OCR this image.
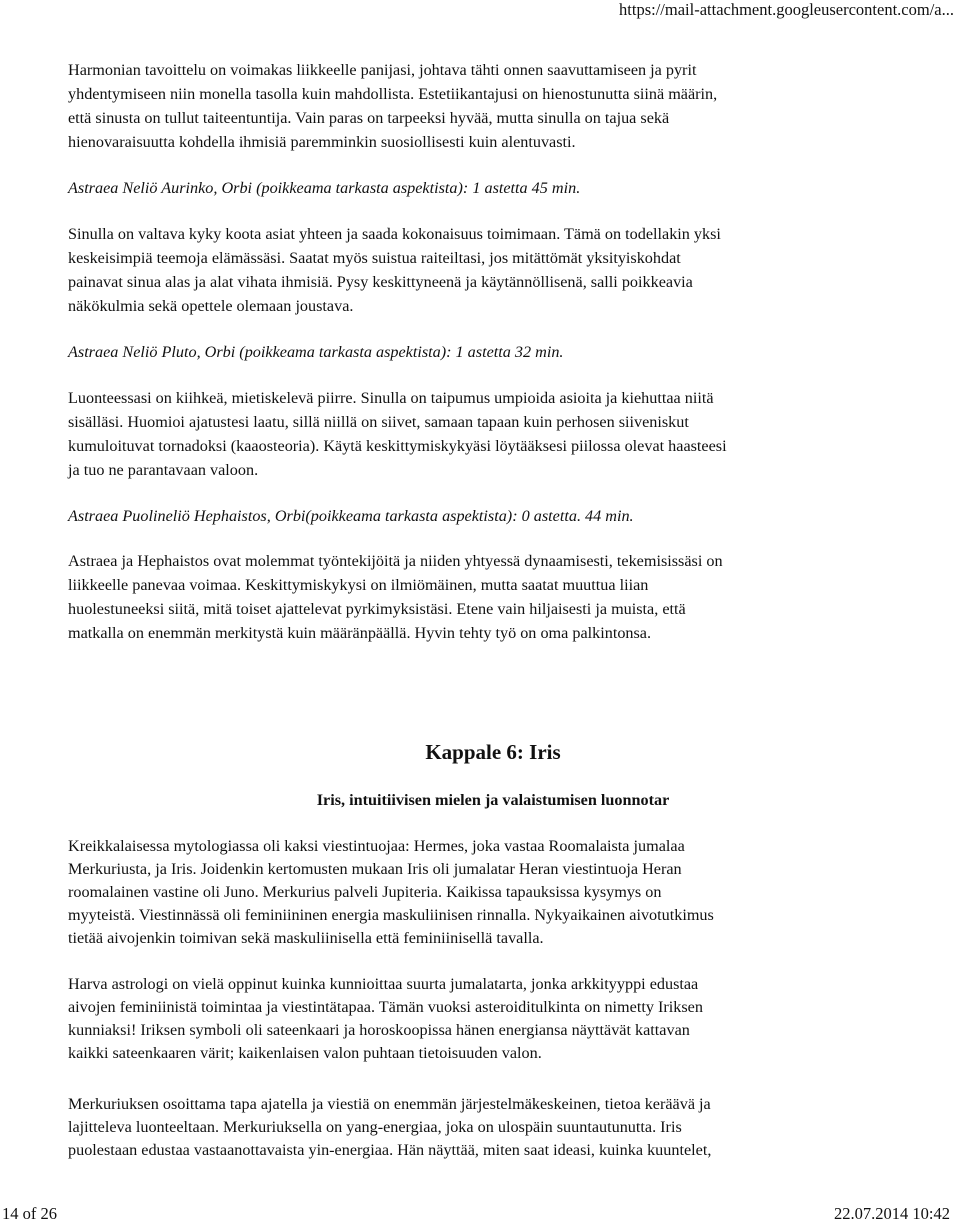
https://mail-attachment.googleusercontent.com/a...

Harmonian tavoittelu on voimakas liikkeelle panijasi, johtava tähti onnen saavuttamiseen ja pyrit
yhdentymiseen niin monella tasolla kuin mahdollista. Estetiikantajusi on hienostunutta siinä määrin,
että sinusta on tullut taiteentuntija. Vain paras on tarpeeksi hyvää, mutta sinulla on tajua sekä
hienovaraisuutta kohdella ihmisiä paremminkin suosiollisesti kuin alentuvasti.

Astraea Neliö Aurinko, Orbi (poikkeama tarkasta aspektista): 1 astetta 45 min.

Sinulla on valtava kyky koota asiat yhteen ja saada kokonaisuus toimimaan. Tämä on todellakin yksi
keskeisimpiä teemoja elämässäsi. Saatat myös suistua raiteiltasi, jos mitättömät yksityiskohdat
painavat sinua alas ja alat vihata ihmisiä. Pysy keskittyneenä ja käytännöllisenä, salli poikkeavia
näkökulmia sekä opettele olemaan joustava.

Astraea Neliö Pluto, Orbi (poikkeama tarkasta aspektista): 1 astetta 32 min.

Luonteessasi on kiihkeä, mietiskelevä piirre. Sinulla on taipumus umpioida asioita ja kiehuttaa niitä
sisälläsi. Huomioi ajatustesi laatu, sillä niillä on siivet, samaan tapaan kuin perhosen siiveniskut
kumuloituvat tornadoksi (kaaosteoria). Käytä keskittymiskykyäsi löytääksesi piilossa olevat haasteesi
ja tuo ne parantavaan valoon.

Astraea Puolineliö Hephaistos, Orbi(poikkeama tarkasta aspektista): 0 astetta. 44 min.

Astraea ja Hephaistos ovat molemmat työntekijöitä ja niiden yhtyessä dynaamisesti, tekemisissäsi on
liikkeelle panevaa voimaa. Keskittymiskykysi on ilmiömäinen, mutta saatat muuttua liian
huolestuneeksi siitä, mitä toiset ajattelevat pyrkimyksistäsi. Etene vain hiljaisesti ja muista, että
matkalla on enemmän merkitystä kuin määränpäällä. Hyvin tehty työ on oma palkintonsa.

Kappale 6: Iris
Iris, intuitiivisen mielen ja valaistumisen luonnotar

Kreikkalaisessa mytologiassa oli kaksi viestintuojaa: Hermes, joka vastaa Roomalaista jumalaa
Merkuriusta, ja Iris. Joidenkin kertomusten mukaan Iris oli jumalatar Heran viestintuoja Heran
roomalainen vastine oli Juno. Merkurius palveli Jupiteria. Kaikissa tapauksissa kysymys on
myyteistä. Viestinnässä oli feminiininen energia maskuliinisen rinnalla. Nykyaikainen aivotutkimus
tietää aivojenkin toimivan sekä maskuliinisella että feminiinisellä tavalla.

Harva astrologi on vielä oppinut kuinka kunnioittaa suurta jumalatarta, jonka arkkityyppi edustaa
aivojen feminiinistä toimintaa ja viestintätapaa. Tämän vuoksi asteroiditulkinta on nimetty Iriksen
kunniaksi! Iriksen symboli oli sateenkaari ja horoskoopissa hänen energiansa näyttävät kattavan
kaikki sateenkaaren värit; kaikenlaisen valon puhtaan tietoisuuden valon.

Merkuriuksen osoittama tapa ajatella ja viestiä on enemmän järjestelmäkeskeinen, tietoa keräävä ja
lajitteleva luonteeltaan. Merkuriuksella on yang-energiaa, joka on ulospäin suuntautunutta. Iris
puolestaan edustaa vastaanottavaista yin-energiaa. Hän näyttää, miten saat ideasi, kuinka kuuntelet,

14 of 26	22.07.2014 10:42
